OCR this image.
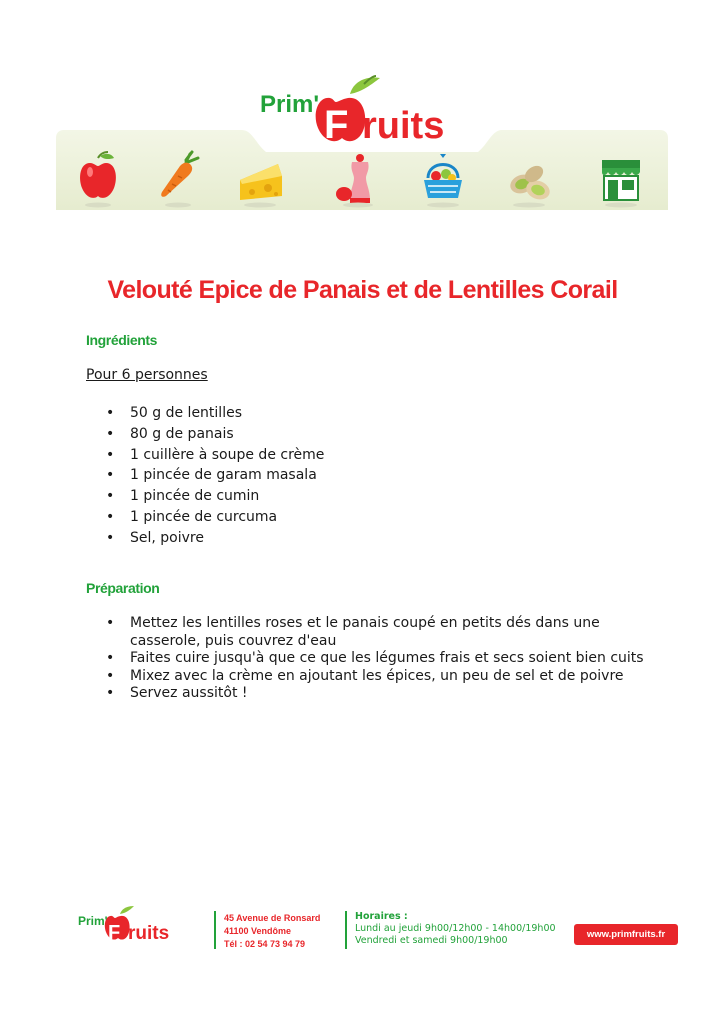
Prim' F ruits
Velouté Epice de Panais et de Lentilles Corail
Ingrédients
Pour 6 personnes
• 50 g de lentilles
• 80 g de panais
• 1 cuillère à soupe de crème
• 1 pincée de garam masala
• 1 pincée de cumin
• 1 pincée de curcuma
• Sel, poivre
Préparation
• Mettez les lentilles roses et le panais coupé en petits dés dans une casserole, puis couvrez d'eau
• Faites cuire jusqu'à que ce que les légumes frais et secs soient bien cuits
• Mixez avec la crème en ajoutant les épices, un peu de sel et de poivre
• Servez aussitôt !
Prim'
F ruits
45 Avenue de Ronsard
41100 Vendôme
Tél : 02 54 73 94 79
Horaires :
Lundi au jeudi 9h00/12h00 - 14h00/19h00
Vendredi et samedi 9h00/19h00
www.primfruits.fr
